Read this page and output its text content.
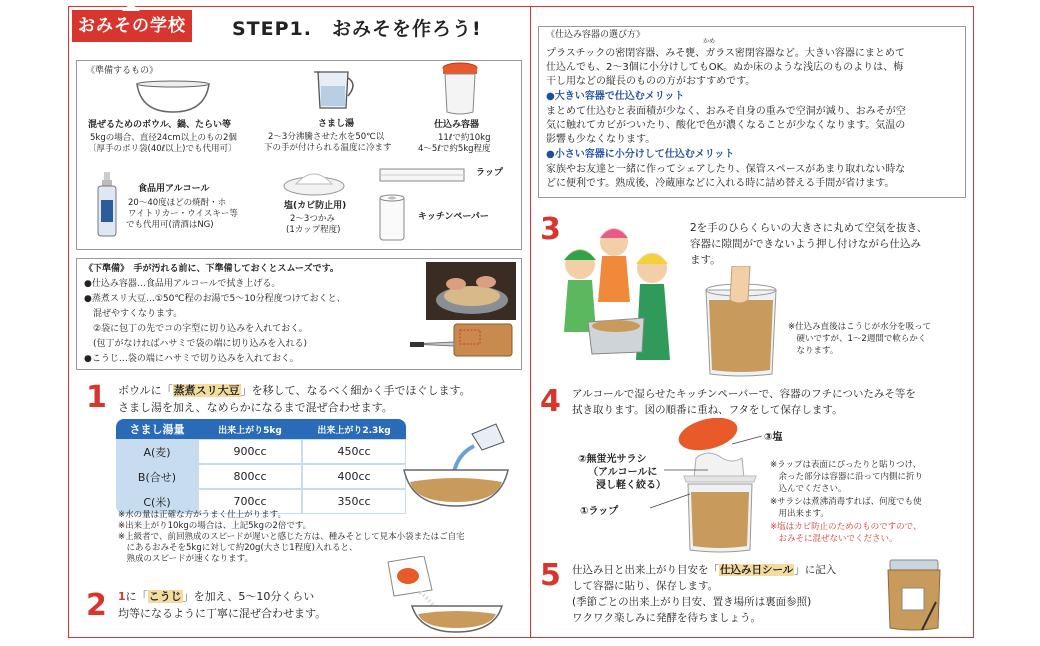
おみその学校	STEP1.　おみそを作ろう!
《準備するもの》
混ぜるためのボウル、鍋、たらい等
5kgの場合、直径24cm以上のもの2個
〔厚手のポリ袋(40ℓ以上)でも代用可〕
さまし湯
2～3分沸騰させた水を50℃以
下の手が付けられる温度に冷ます
仕込み容器
11ℓで約10kg
4～5ℓで約5kg程度
食品用アルコール
20～40度ほどの焼酎・ホ
ワイトリカー・ウイスキー等
でも代用可(清酒はNG)
塩(カビ防止用)
2～3つかみ
(1カップ程度)
ラップ
キッチンペーパー
《下準備》　手が汚れる前に、下準備しておくとスムーズです。
●仕込み容器…食品用アルコールで拭き上げる。
●蒸煮スリ大豆…①50℃程のお湯で5～10分程度つけておくと、
　混ぜやすくなります。
　②袋に包丁の先でコの字型に切り込みを入れておく。
　(包丁がなければハサミで袋の端に切り込みを入れる)
●こうじ…袋の端にハサミで切り込みを入れておく。
1 ボウルに「蒸煮スリ大豆」を移して、なるべく細かく手でほぐします。
さまし湯を加え、なめらかになるまで混ぜ合わせます。
さまし湯量	出来上がり5kg	出来上がり2.3kg
A(麦)	900cc	450cc
B(合せ)	800cc	400cc
C(米)	700cc	350cc
※水の量は正確な方がうまく仕上がります。
※出来上がり10kgの場合は、上記5kgの2倍です。
※上級者で、前回熟成のスピードが遅いと感じた方は、種みそとして見本小袋またはご自宅
　にあるおみそを5kgに対して約20g(大さじ1程度)入れると、
　熟成のスピードが速くなります。
2 1に「こうじ」を加え、5～10分くらい
均等になるように丁寧に混ぜ合わせます。
《仕込み容器の選び方》
かめ
プラスチックの密閉容器、みそ甕、ガラス密閉容器など。大きい容器にまとめて
仕込んでも、2～3個に小分けしてもOK。ぬか床のような浅広のものよりは、梅
干し用などの縦長のものの方がおすすめです。
●大きい容器で仕込むメリット
まとめて仕込むと表面積が少なく、おみそ自身の重みで空洞が減り、おみそが空
気に触れてカビがついたり、酸化で色が濃くなることが少なくなります。気温の
影響も少なくなります。
●小さい容器に小分けして仕込むメリット
家族やお友達と一緒に作ってシェアしたり、保管スペースがあまり取れない時な
どに便利です。熟成後、冷蔵庫などに入れる時に詰め替える手間が省けます。
3	2を手のひらくらいの大きさに丸めて空気を抜き、
容器に隙間ができないよう押し付けながら仕込み
ます。
※仕込み直後はこうじが水分を吸って
　硬いですが、1～2週間で軟らかく
　なります。
4 アルコールで湿らせたキッチンペーパーで、容器のフチについたみそ等を
拭き取ります。図の順番に重ね、フタをして保存します。
③塩
②無蛍光サラシ
（アルコールに
浸し軽く絞る）
①ラップ
※ラップは表面にぴったりと貼りつけ、
　余った部分は容器に沿って内側に折り
　込んでください。
※サラシは煮沸消毒すれば、何度でも使
　用出来ます。
※塩はカビ防止のためのものですので、
　おみそに混ぜないでください。
5 仕込み日と出来上がり目安を「仕込み日シール」に記入
して容器に貼り、保存します。
(季節ごとの出来上がり目安、置き場所は裏面参照)
ワクワク楽しみに発酵を待ちましょう。
